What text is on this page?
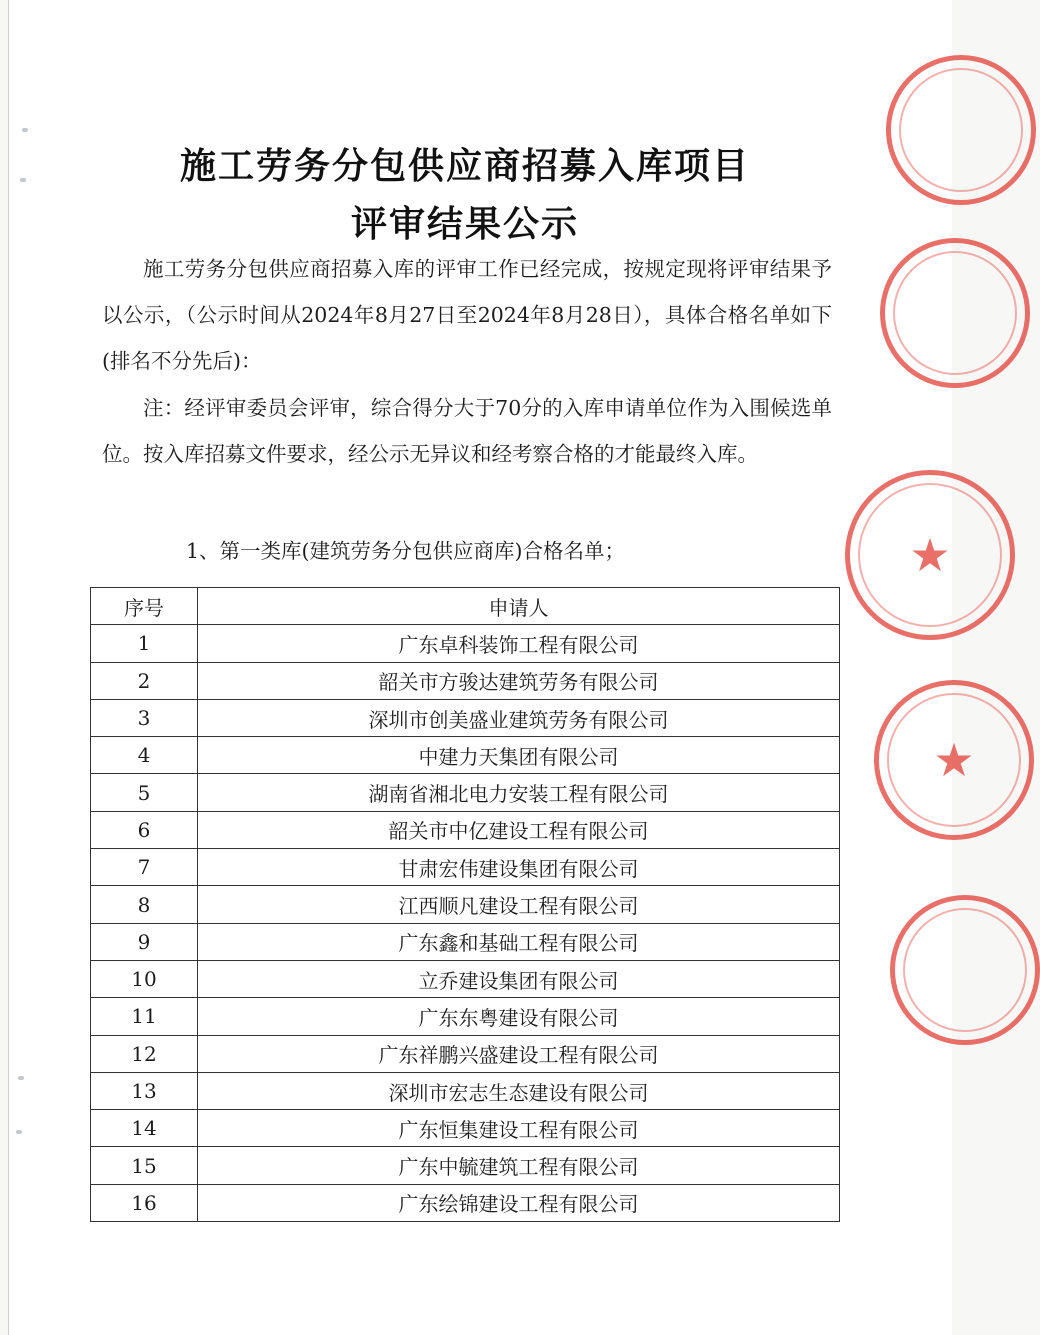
施工劳务分包供应商招募入库项目
评审结果公示
施工劳务分包供应商招募入库的评审工作已经完成，按规定现将评审结果予以公示，（公示时间从2024年8月27日至2024年8月28日），具体合格名单如下(排名不分先后)：
注：经评审委员会评审，综合得分大于70分的入库申请单位作为入围候选单位。按入库招募文件要求，经公示无异议和经考察合格的才能最终入库。
1、第一类库(建筑劳务分包供应商库)合格名单；
序号	申请人
1	广东卓科装饰工程有限公司
2	韶关市方骏达建筑劳务有限公司
3	深圳市创美盛业建筑劳务有限公司
4	中建力天集团有限公司
5	湖南省湘北电力安装工程有限公司
6	韶关市中亿建设工程有限公司
7	甘肃宏伟建设集团有限公司
8	江西顺凡建设工程有限公司
9	广东鑫和基础工程有限公司
10	立乔建设集团有限公司
11	广东东粤建设有限公司
12	广东祥鹏兴盛建设工程有限公司
13	深圳市宏志生态建设有限公司
14	广东恒集建设工程有限公司
15	广东中毓建筑工程有限公司
16	广东绘锦建设工程有限公司
★
★
